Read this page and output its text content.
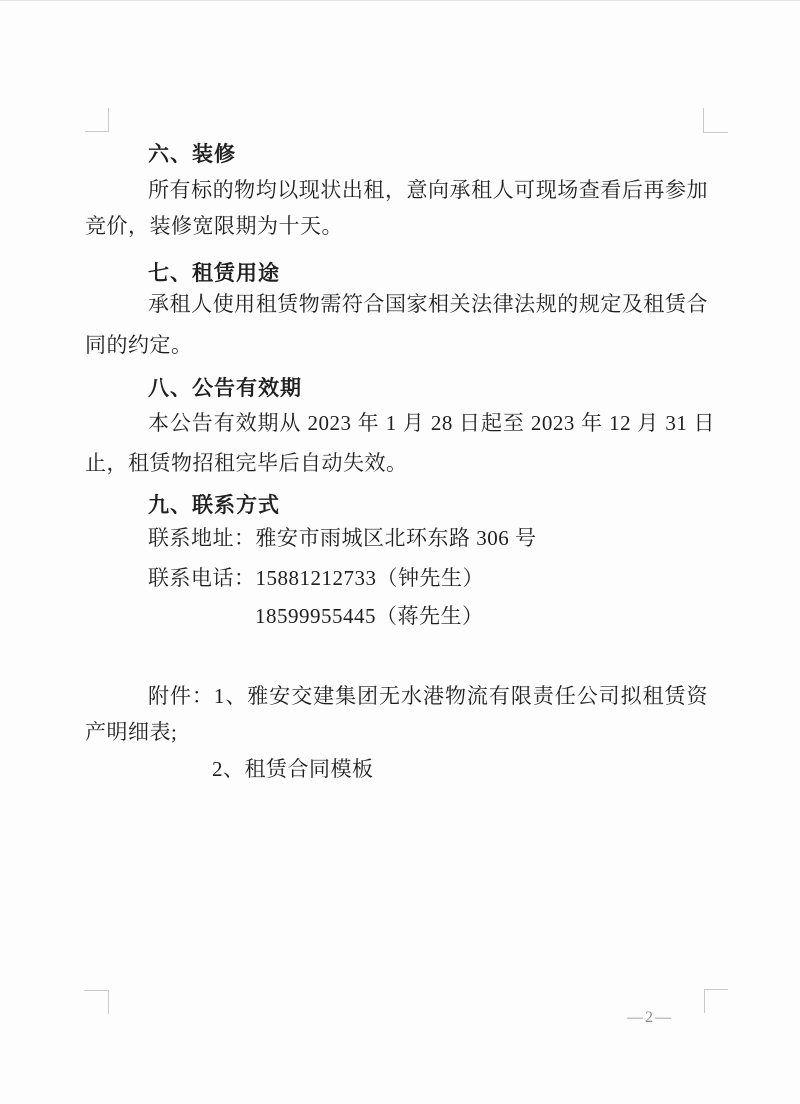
六、装修
所有标的物均以现状出租，意向承租人可现场查看后再参加
竞价，装修宽限期为十天。
七、租赁用途
承租人使用租赁物需符合国家相关法律法规的规定及租赁合
同的约定。
八、公告有效期
本公告有效期从 2023 年 1 月 28 日起至 2023 年 12 月 31 日
止，租赁物招租完毕后自动失效。
九、联系方式
联系地址：雅安市雨城区北环东路 306 号
联系电话：15881212733（钟先生）
18599955445（蒋先生）
附件：1、雅安交建集团无水港物流有限责任公司拟租赁资
产明细表;
2、租赁合同模板
—2—
